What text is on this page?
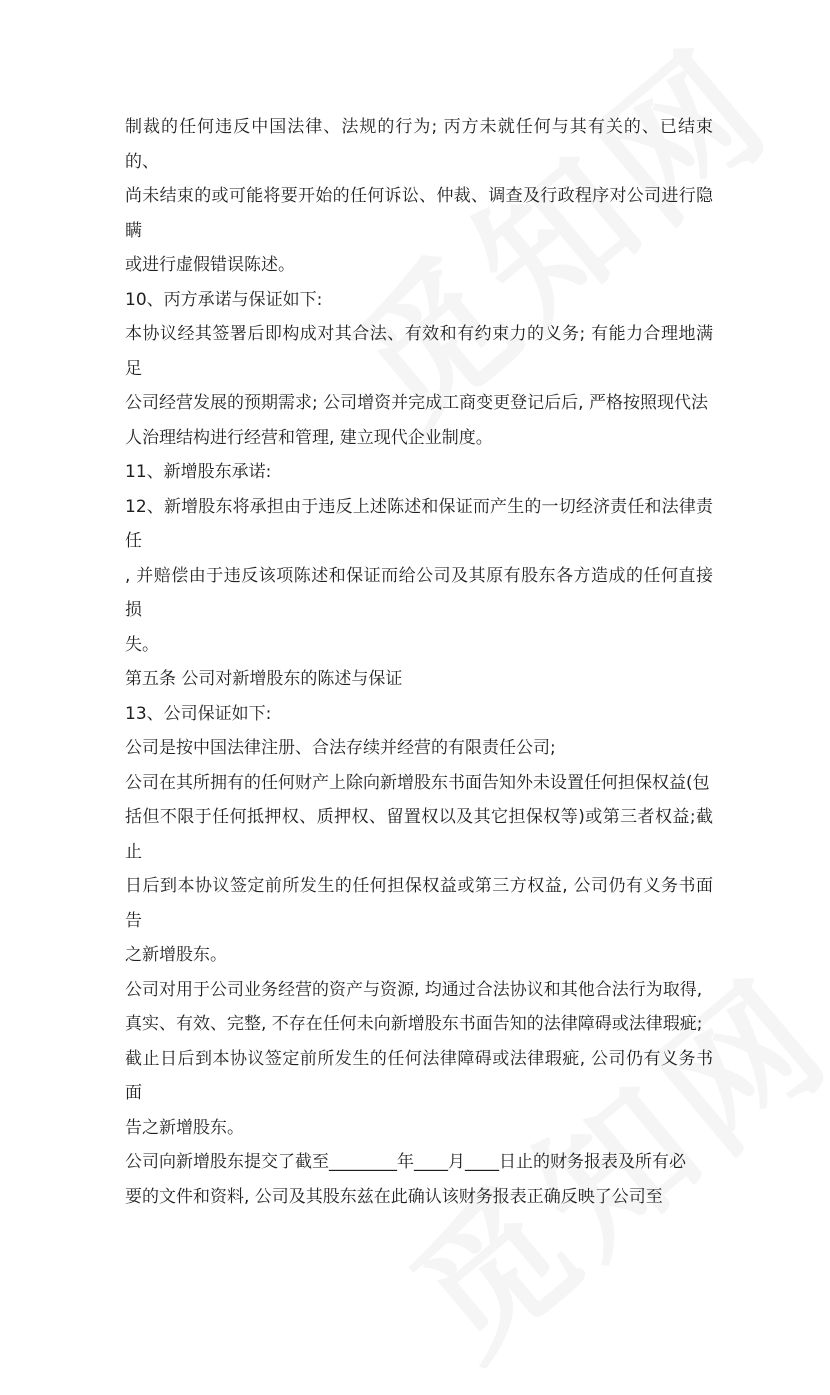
制裁的任何违反中国法律、法规的行为; 丙方未就任何与其有关的、已结束的、

尚未结束的或可能将要开始的任何诉讼、仲裁、调查及行政程序对公司进行隐瞒

或进行虚假错误陈述。

10、丙方承诺与保证如下:

本协议经其签署后即构成对其合法、有效和有约束力的义务; 有能力合理地满足

公司经营发展的预期需求; 公司增资并完成工商变更登记后后, 严格按照现代法

人治理结构进行经营和管理, 建立现代企业制度。

11、新增股东承诺:

12、新增股东将承担由于违反上述陈述和保证而产生的一切经济责任和法律责任

, 并赔偿由于违反该项陈述和保证而给公司及其原有股东各方造成的任何直接损

失。

第五条 公司对新增股东的陈述与保证

13、公司保证如下:

公司是按中国法律注册、合法存续并经营的有限责任公司;

公司在其所拥有的任何财产上除向新增股东书面告知外未设置任何担保权益(包

括但不限于任何抵押权、质押权、留置权以及其它担保权等)或第三者权益;截止

日后到本协议签定前所发生的任何担保权益或第三方权益, 公司仍有义务书面告

之新增股东。

公司对用于公司业务经营的资产与资源, 均通过合法协议和其他合法行为取得,

真实、有效、完整, 不存在任何未向新增股东书面告知的法律障碍或法律瑕疵;

截止日后到本协议签定前所发生的任何法律障碍或法律瑕疵, 公司仍有义务书面

告之新增股东。

公司向新增股东提交了截至________年____月____日止的财务报表及所有必

要的文件和资料, 公司及其股东兹在此确认该财务报表正确反映了公司至
